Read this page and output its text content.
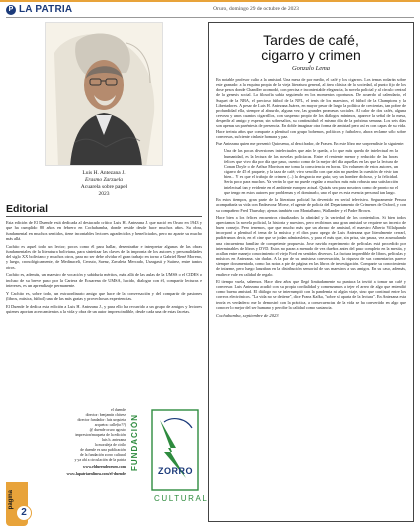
P LA PATRIA	Oruro, domingo 29 de octubre de 2023
Luis H. Antezana J.
Erasmo Zarzuela
Acuarela sobre papel
2023
Editorial

Esta edición de El Duende está dedicada al destacado crítico Luis H. Antezana J. que nació en Oruro en 1943 y que ha cumplido 80 años en febrero en Cochabamba, donde reside desde hace muchos años. Su obra, fundamental en muchos sentidos, tiene incontables lectores agradecidos y beneficiados, pero no aparte su mucho más allá.

Cachito es aquel todo un lector; pocos como él para hallar, desentrañar e interpretar algunas de las obras fundamentales de la literatura boliviana, para sintetizar las claves de la impronta de los autores y personalidades del siglo XX boliviano y muchos otros, para no ser debe olvidar el gran trabajo en torno a Gabriel René Moreno, y luego, cronológicamente, de Medinaceli, Cerruto, Saenz, Zavaleta Mercado, Urzagasti y Suárez, entre tantos otros.

Cachito es, además, un maestro de vocación y sabiduría méritos, más allá de las aulas de la UMSS o el CIDES o incluso de su breve paso por la Cartera de Ecuarena de UMSA, lucido, dialogar con él, compartir lecturas e intereses, es un aprendizaje permanente.

Y Cachito es, sobre todo, un extraordinario amigo que hace de la conversación y del compartir de pasiones (libros, música, fútbol) una de las más gratas y provechosas experiencias.

El Duende le dedica esta edición a Luis H. Antezana J., y para ello ha recurrido a un grupo de amigos y lectores quienes aportan acercamientos a la vida y obra de un autor imprescindible, desde cada una de estas facetas.

el duende
director: benjamín chávez
director fundador: luis urquieta
arquetra: calle(to??)
@ duende oruro agosto
impresion/maqueta de la edición
luis h. antezana
la moraleja de cirilo
de duende es una publicación
de la fundación zorro cultural
y ya ahí a circulación de la patria
www.eldueendeoruro.com
www.lapatriaenlinea.com/el-duende
FUNDACIÓN ZORRO
CULTURAL
página
2
Tardes de café,
cigarro y crimen
Gonzalo Lema

En notable profesor culto a la amistad. Una mesa de por medio, el café y los cigarros. Los temas rodarán sobre este granado: a la esquina propia de la vieja literatura general, al área clásica de la sociedad, al punto fijo de los dose pesos donde Chandler acomodó, con precisa e incontestable elegancia, la novela policial y al círculo central de la genesis social. La filosofía sabía seguiendo en los momentos oportunos. De acuerdo al calendario, el Suquet de la NBA, el precioso fútbol de la NFL, el tenis de los maestros, el fútbol de la Champions y la Libertadores. A pesar de Luis H. Antezana Juárez, en mayor pesar de largo la política de crecientas, tan pobre de profundidad ella, siempre al absurdo, alguna vez, las grandes promesas sociales. Al calor de dos cafés, alguna cerveza y unos cuantos cigarrillos, con suspenso propio de los diálogos mínimos, aparece la señal de la mesa, despedir al amigo y esperar, sin sobresaltos, su continuidad: el mismo día de la próxima semana. Los seis días son apenas un paréntesis de presencia. En doble imaginar otra forma de amistad pero así es con capas de su vida. Hace treinta años que comparte a plenitud con grupo bohemos, políticos y futbolero, ahora reclame sólo sobre conversas, sufciente cinlaste homara y paz.

Fue Antezana quien me presentó Quiosema, al descifrador, de Frasen. En este libro me sorprendiste lo siguiente:

Una de las pocas diversiones intelectuales que aún le queda, a lo que más queda de intelectual en la humanidad, es la lectura de las novelas policíacas. Entre el reniente menor y reducido de las horas felices que vivo día por día que paso, cuento como de la mejor del día aquellas en las que la lectura de Conan Doyle o de Arthur Morrison me toma la consciencia en horas. Un volumen de estos autores, un cigarro de 45 el paquete, y la taza de café; vivo sencillo con que aún no pueden la cuestión de vivir tan bien... Y es que el trabajo de crimen (...) la desgracia me guía; soy un hombre dichoso, y la felicidad. Sería poco para muchos. Ya verán lo que no puede regalar a muchos más más robusta una satisfacción intelectual tan y evidente en el ambiente europeo actual. Quizás sea para nosotros como de pronto no el que tengo en estos autores por problemas y el dominarlo, uno el que es esta esencia personal tan largo.

En estos tiempos, gran parte de la literatura policial ha devenido en serial televisiva. Seguramente Pessoa acompañaría su vida con Endeavour Morse, el agente de policía del Departamento de Crímenes de Oxford, y con su compañero Fred Thursday; ajenas también con Montalbano, Wallander y el Padre Brown.

Hace bien a los felices encuentros ritualizados la afinidad y la variedad de los contertulios. Si bien todos apreciamos la novela policial, la historia y nuestros, pero recibimos una gran amistad se requiere un incesto de buen consejo. Pero tenemos, que que mucho más que un abraso de amistad, el maestro Alberto Villalpando incorporó a plenitud el tema de la música y el dios puro apego de Luis Antezana que literalmente cerrarl, pudiéramos decir, en el cine que se jodan admirasletos, y para el más que, sin prisa, sin pausa, vez acumulando una cincuentena familiar de competente propuesta. Jose navida experimento de películas está procedido por interminables de libros y DVD. Estos no paran a menudo de vez dueños antes del paso completo en la mesita, y acallan entre manejo conocimiento el viejo Ford en sentidos diversos. La factura impredible de libros, películas y músicos en Antezana. sin dudas. A la par de su amistosa conversación, la riqueza de sus comentarios parece siempre documentada, como las notas a pie de página en las libros de investigación. Comparte su conocimiento de intarme, pero luego lanzaban en la distribución sensorial de sus maestros a sus amigos. En su caso, además, enaltece vale en calidad de regalo.

El tiempo vuela, sabemos. Hace diez años que llegó limitadamente su puntaca la invitó a tomar un café y conversar. Luis Antezana acudió con su propia cordialidad y comenzamos a tejer el arreo de algo que entendió como buena amistad. El diálogo no se interrumpió con la pandemia ni algún viaje, sino que continuó entre los correos electrónicos. "La vida no se detiene", dice Franz Kafka, "sobre sí aparta de la lectura". En Antezana esta teoría es verdadera: me lo demostró con la práctica, a consecuencias de la vida se ha convertido en algo que conocer lo mejor del ser humano y percibe la calidad como sustancia.

Cochabamba, septiembre de 2023
